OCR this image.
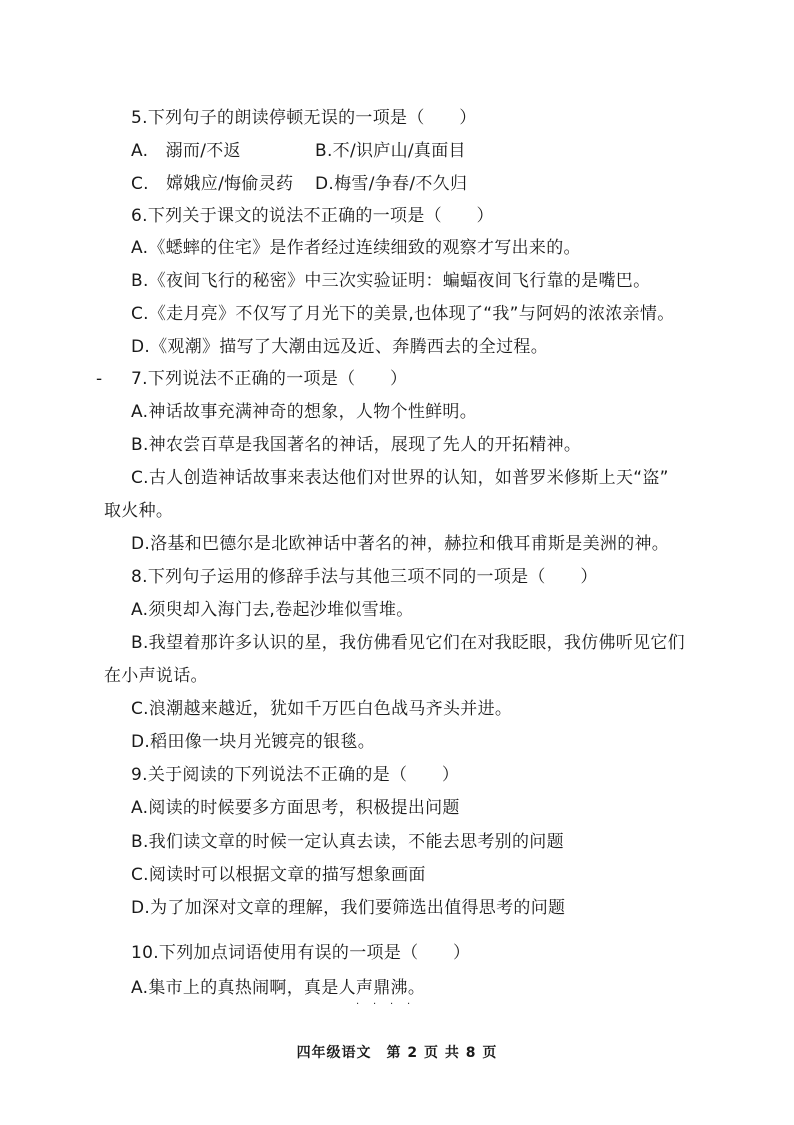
5.下列句子的朗读停顿无误的一项是（　　）
A.　溺而/不返	B.不/识庐山/真面目
C.　嫦娥应/悔偷灵药 D.梅雪/争春/不久归
6.下列关于课文的说法不正确的一项是（　　）
A.《蟋蟀的住宅》是作者经过连续细致的观察才写出来的。
B.《夜间飞行的秘密》中三次实验证明：蝙蝠夜间飞行靠的是嘴巴。
C.《走月亮》不仅写了月光下的美景,也体现了“我”与阿妈的浓浓亲情。
D.《观潮》描写了大潮由远及近、奔腾西去的全过程。
- 7.下列说法不正确的一项是（　　）
A.神话故事充满神奇的想象，人物个性鲜明。
B.神农尝百草是我国著名的神话，展现了先人的开拓精神。
C.古人创造神话故事来表达他们对世界的认知，如普罗米修斯上天“盗”
取火种。
D.洛基和巴德尔是北欧神话中著名的神，赫拉和俄耳甫斯是美洲的神。
8.下列句子运用的修辞手法与其他三项不同的一项是（　　）
A.须臾却入海门去,卷起沙堆似雪堆。
B.我望着那许多认识的星，我仿佛看见它们在对我眨眼，我仿佛听见它们
在小声说话。
C.浪潮越来越近，犹如千万匹白色战马齐头并进。
D.稻田像一块月光镀亮的银毯。
9.关于阅读的下列说法不正确的是（　　）
A.阅读的时候要多方面思考，积极提出问题
B.我们读文章的时候一定认真去读，不能去思考别的问题
C.阅读时可以根据文章的描写想象画面
D.为了加深对文章的理解，我们要筛选出值得思考的问题
10.下列加点词语使用有误的一项是（　　）
A.集市上的真热闹啊，真是人声鼎沸。
· · · ·
四年级语文　第 2 页 共 8 页
